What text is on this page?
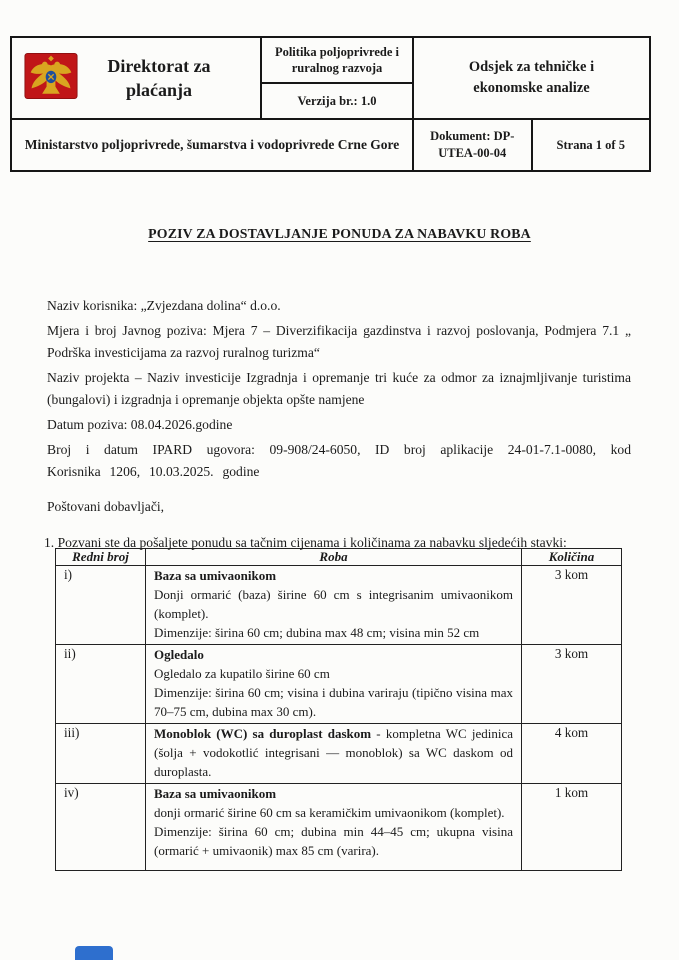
Direktorat za plaćanja	Politika poljoprivrede i ruralnog razvoja
Verzija br.: 1.0	Odsjek za tehničke i ekonomske analize	
Ministarstvo poljoprivrede, šumarstva i vodoprivrede Crne Gore		Dokument: DP-UTEA-00-04	Strana 1 of 5
POZIV ZA DOSTAVLJANJE PONUDA ZA NABAVKU ROBA

Naziv korisnika: „Zvjezdana dolina“ d.o.o.

Mjera i broj Javnog poziva: Mjera 7 – Diverzifikacija gazdinstva i razvoj poslovanja, Podmjera 7.1 „ Podrška investicijama za razvoj ruralnog turizma“

Naziv projekta – Naziv investicije Izgradnja i opremanje tri kuće za odmor za iznajmljivanje turistima (bungalovi) i izgradnja i opremanje objekta opšte namjene

Datum poziva: 08.04.2026.godine

Broj i datum IPARD ugovora: 09-908/24-6050, ID broj aplikacije 24-01-7.1-0080, kod Korisnika 1206, 10.03.2025. godine

Poštovani dobavljači,

1. Pozvani ste da pošaljete ponudu sa tačnim cijenama i količinama za nabavku sljedećih stavki:

Redni broj	Roba	Količina
i)	Baza sa umivaonikom
Donji ormarić (baza) širine 60 cm s integrisanim umivaonikom (komplet).
Dimenzije: širina 60 cm; dubina max 48 cm; visina min 52 cm	3 kom
ii)	Ogledalo
Ogledalo za kupatilo širine 60 cm
Dimenzije: širina 60 cm; visina i dubina variraju (tipično visina max 70–75 cm, dubina max 30 cm).	3 kom
iii)	Monoblok (WC) sa duroplast daskom - kompletna WC jedinica (šolja + vodokotlić integrisani — monoblok) sa WC daskom od duroplasta.	4 kom
iv)	Baza sa umivaonikom
donji ormarić širine 60 cm sa keramičkim umivaonikom (komplet).
Dimenzije: širina 60 cm; dubina min 44–45 cm; ukupna visina (ormarić + umivaonik) max 85 cm (varira).	1 kom
